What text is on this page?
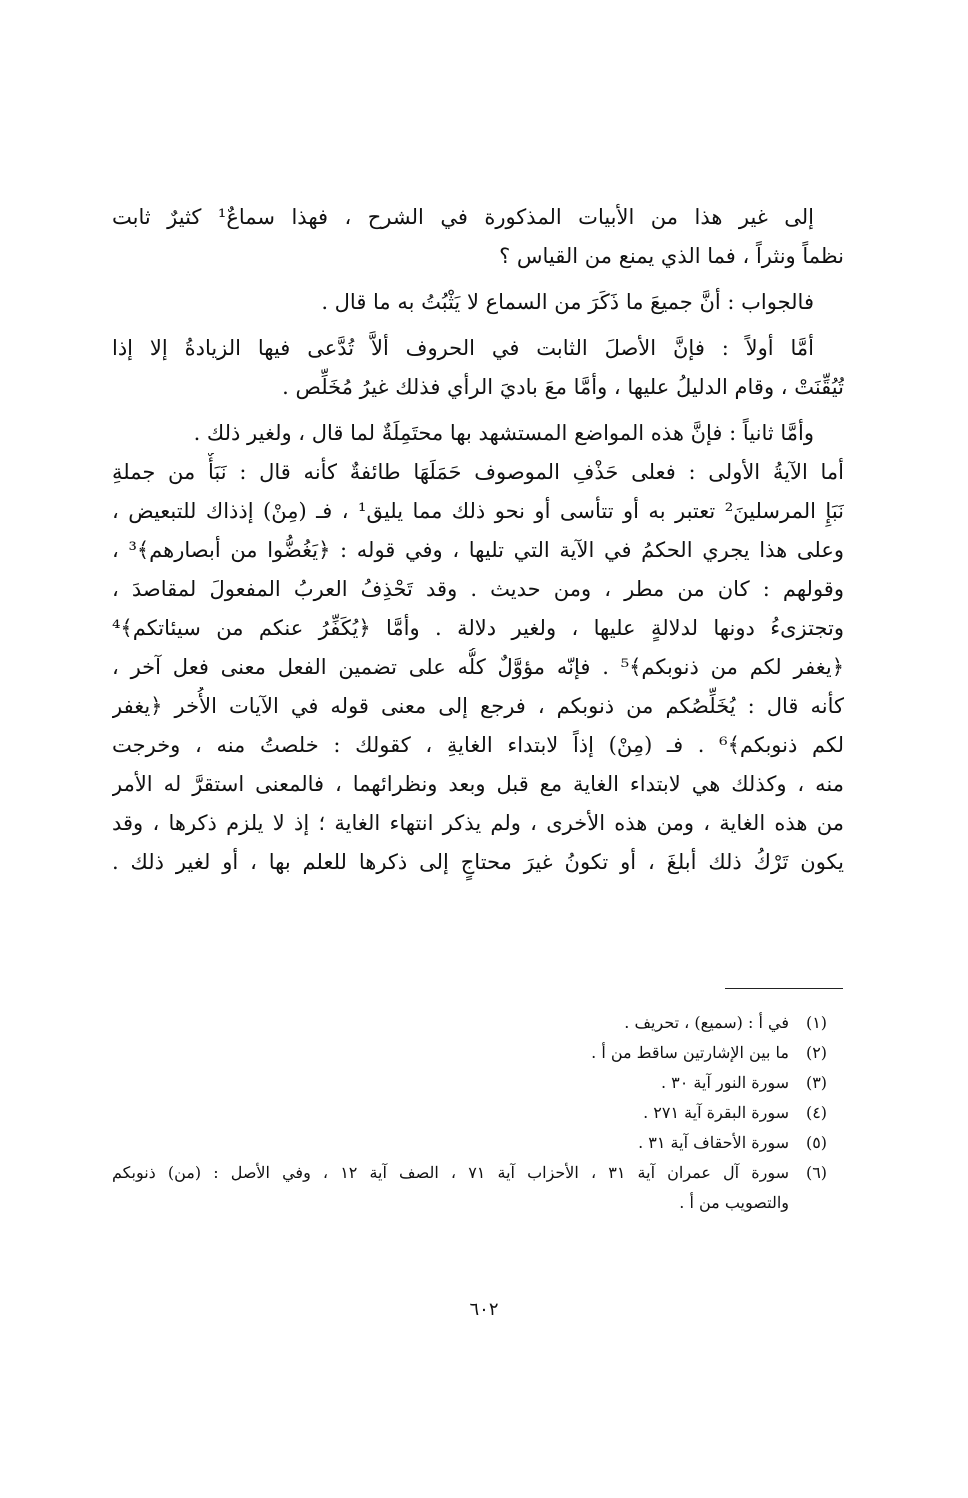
إلى غير هذا من الأبيات المذكورة في الشرح ، فهذا سماعٌ¹ كثيرٌ ثابت
نظماً ونثراً ، فما الذي يمنع من القياس ؟
فالجواب : أنَّ جميعَ ما ذَكَرَ من السماع لا يَثْبُتُ به ما قال .
أمَّا أولاً : فإنَّ الأصلَ الثابت في الحروف ألاَّ تُدَّعى فيها الزيادةُ إلا إذا
تُيُقِّنَتْ ، وقام الدليلُ عليها ، وأمَّا معَ باديَ الرأي فذلك غيرُ مُخَلِّص .
وأمَّا ثانياً : فإنَّ هذه المواضع المستشهد بها محتَمِلَةٌ لما قال ، ولغير ذلك .
أما الآيةُ الأولى : فعلى حَذْفِ الموصوف حَمَلَهَا طائفةٌ كأنه قال : نَبَأٌ من جملةِ
نَبَإِ المرسلينَ² تعتبر به أو تتأسى أو نحو ذلك مما يليق¹ ، فـ (مِنْ) إذذاك للتبعيض ،
وعلى هذا يجري الحكمُ في الآية التي تليها ، وفي قوله : ﴿يَغُضُّوا من أبصارهم﴾³ ،
وقولهم : كان من مطر ، ومن حديث . وقد تَحْذِفُ العربُ المفعولَ لمقاصدَ ،
وتجتزىءُ دونها لدلالةٍ عليها ، ولغير دلالة . وأمَّا ﴿يُكَفِّرُ عنكم من سيئاتكم﴾⁴
﴿يغفر لكم من ذنوبكم﴾⁵ . فإنّه مؤوَّلٌ كلُّه على تضمين الفعل معنى فعل آخر ،
كأنه قال : يُخَلِّصُكم من ذنوبكم ، فرجع إلى معنى قوله في الآيات الأُخر ﴿يغفر
لكم ذنوبكم﴾⁶ . فـ (مِنْ) إذاً لابتداء الغايةِ ، كقولك : خلصتُ منه ، وخرجت
منه ، وكذلك هي لابتداء الغاية مع قبل وبعد ونظرائهما ، فالمعنى استقرَّ له الأمر
من هذه الغاية ، ومن هذه الأخرى ، ولم يذكر انتهاء الغاية ؛ إذ لا يلزم ذكرها ، وقد
يكون تَرْكُ ذلك أبلغَ ، أو تكونُ غيرَ محتاجٍ إلى ذكرها للعلم بها ، أو لغير ذلك .
(١)
في أ : (سميع) ، تحريف .
(٢)
ما بين الإشارتين ساقط من أ .
(٣)
سورة النور آية ٣٠ .
(٤)
سورة البقرة آية ٢٧١ .
(٥)
سورة الأحقاف آية ٣١ .
(٦)
سورة آل عمران آية ٣١ ، الأحزاب آية ٧١ ، الصف آية ١٢ ، وفي الأصل : (من) ذنوبكم
والتصويب من أ .
٦٠٢
